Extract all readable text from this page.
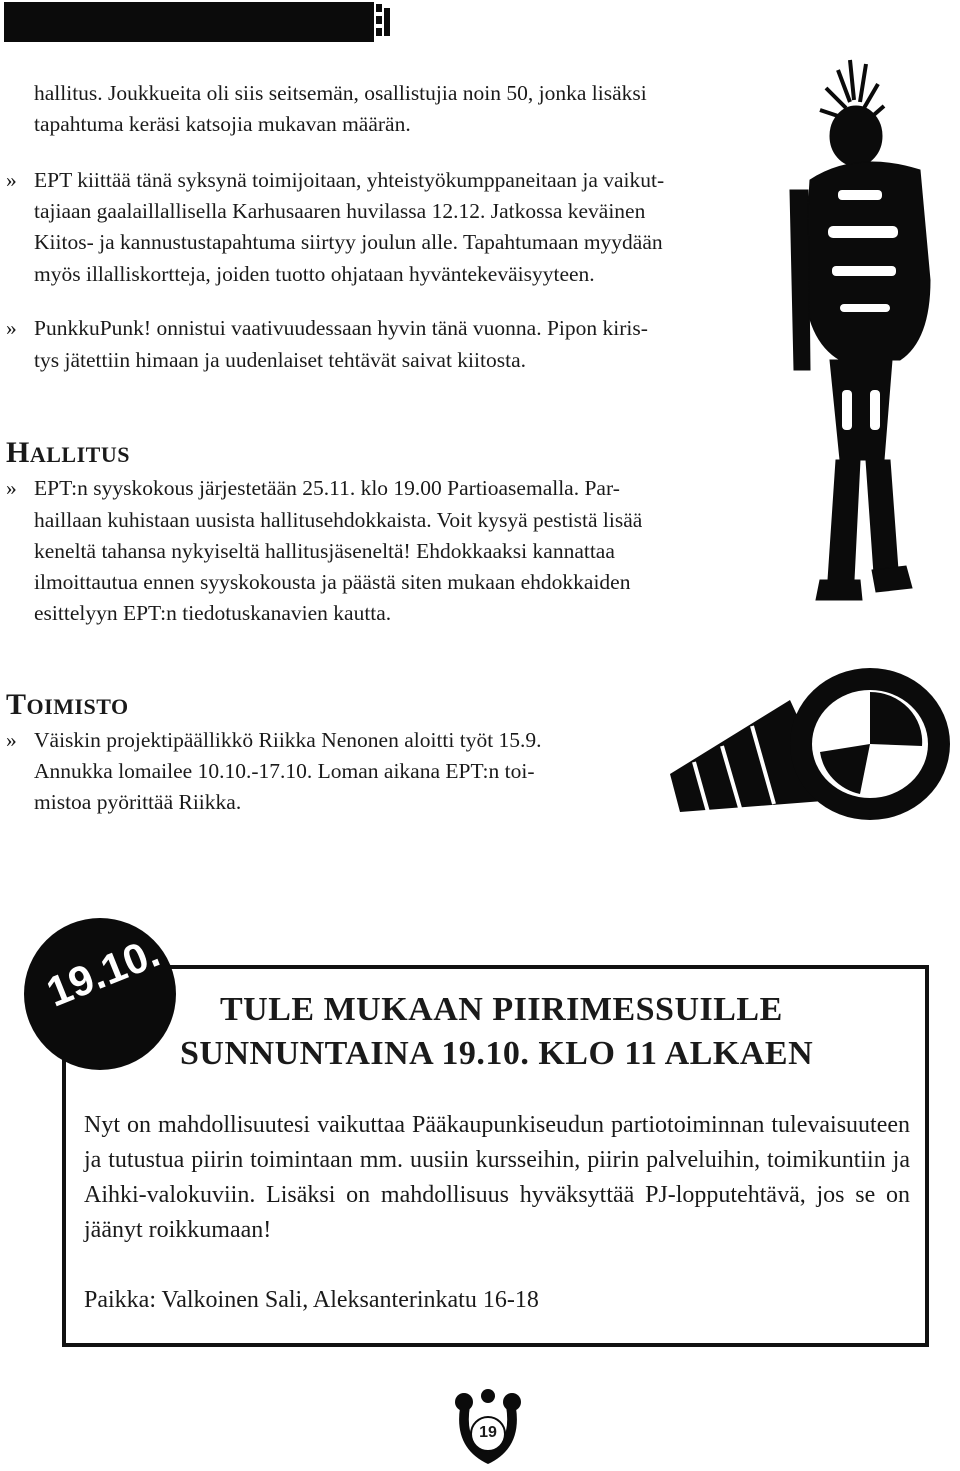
hallitus. Joukkueita oli siis seitsemän, osallistujia noin 50, jonka lisäksi
tapahtuma keräsi katsojia mukavan määrän.
» EPT kiittää tänä syksynä toimijoitaan, yhteistyökumppaneitaan ja vaikut-
tajiaan gaalaillallisella Karhusaaren huvilassa 12.12. Jatkossa keväinen
Kiitos- ja kannustustapahtuma siirtyy joulun alle. Tapahtumaan myydään
myös illalliskortteja, joiden tuotto ohjataan hyväntekeväisyyteen.
» PunkkuPunk! onnistui vaativuudessaan hyvin tänä vuonna. Pipon kiris-
tys jätettiin himaan ja uudenlaiset tehtävät saivat kiitosta.
HALLITUS
» EPT:n syyskokous järjestetään 25.11. klo 19.00 Partioasemalla. Par-
haillaan kuhistaan uusista hallitusehdokkaista. Voit kysyä pestistä lisää
keneltä tahansa nykyiseltä hallitusjäseneltä! Ehdokkaaksi kannattaa
ilmoittautua ennen syyskokousta ja päästä siten mukaan ehdokkaiden
esittelyyn EPT:n tiedotuskanavien kautta.
TOIMISTO
» Väiskin projektipäällikkö Riikka Nenonen aloitti työt 15.9.
Annukka lomailee 10.10.-17.10. Loman aikana EPT:n toi-
mistoa pyörittää Riikka.
19.10.	TULE MUKAAN PIIRIMESSUILLE
SUNNUNTAINA 19.10. KLO 11 ALKAEN
Nyt on mahdollisuutesi vaikuttaa Pääkaupunkiseudun partiotoiminnan tulevaisuuteen ja tutustua piirin toimintaan mm. uusiin kursseihin, piirin palveluihin, toimikuntiin ja Aihki-valokuviin. Lisäksi on mahdollisuus hyväksyttää PJ-lopputehtävä, jos se on jäänyt roikkumaan!
Paikka: Valkoinen Sali, Aleksanterinkatu 16-18
19
